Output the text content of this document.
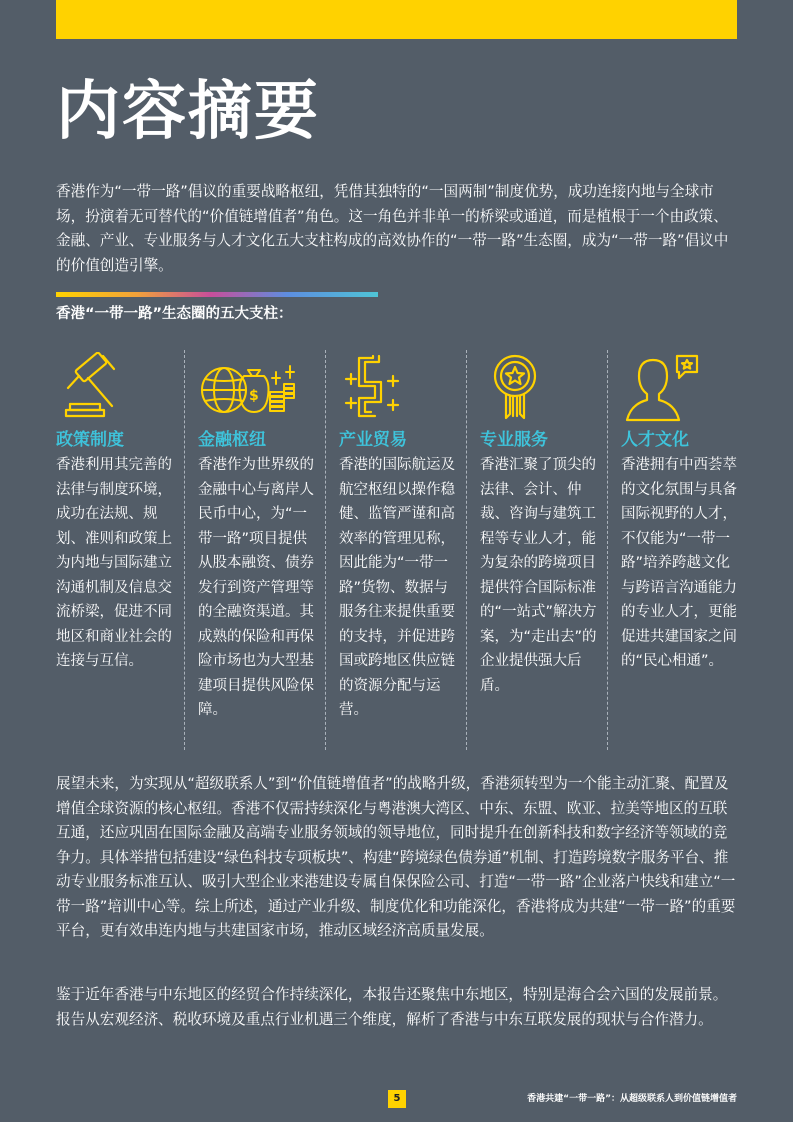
内容摘要

香港作为“一带一路”倡议的重要战略枢纽，凭借其独特的“一国两制”制度优势，成功连接内地与全球市场，扮演着无可替代的“价值链增值者”角色。这一角色并非单一的桥梁或通道，而是植根于一个由政策、金融、产业、专业服务与人才文化五大支柱构成的高效协作的“一带一路”生态圈，成为“一带一路”倡议中的价值创造引擎。

香港“一带一路”生态圈的五大支柱：
政策制度

香港利用其完善的法律与制度环境，成功在法规、规划、准则和政策上为内地与国际建立沟通机制及信息交流桥梁，促进不同地区和商业社会的连接与互信。

$
金融枢纽

香港作为世界级的金融中心与离岸人民币中心，为“一带一路”项目提供从股本融资、债券发行到资产管理等的全融资渠道。其成熟的保险和再保险市场也为大型基建项目提供风险保障。

产业贸易

香港的国际航运及航空枢纽以操作稳健、监管严谨和高效率的管理见称，因此能为“一带一路”货物、数据与服务往来提供重要的支持，并促进跨国或跨地区供应链的资源分配与运营。

专业服务

香港汇聚了顶尖的法律、会计、仲裁、咨询与建筑工程等专业人才，能为复杂的跨境项目提供符合国际标准的“一站式”解决方案，为“走出去”的企业提供强大后盾。

人才文化

香港拥有中西荟萃的文化氛围与具备国际视野的人才，不仅能为“一带一路”培养跨越文化与跨语言沟通能力的专业人才，更能促进共建国家之间的“民心相通”。

展望未来，为实现从“超级联系人”到“价值链增值者”的战略升级，香港须转型为一个能主动汇聚、配置及增值全球资源的核心枢纽。香港不仅需持续深化与粤港澳大湾区、中东、东盟、欧亚、拉美等地区的互联互通，还应巩固在国际金融及高端专业服务领域的领导地位，同时提升在创新科技和数字经济等领域的竞争力。具体举措包括建设“绿色科技专项板块”、构建“跨境绿色债券通”机制、打造跨境数字服务平台、推动专业服务标准互认、吸引大型企业来港建设专属自保保险公司、打造“一带一路”企业落户快线和建立“一带一路”培训中心等。综上所述，通过产业升级、制度优化和功能深化，香港将成为共建“一带一路”的重要平台，更有效串连内地与共建国家市场，推动区域经济高质量发展。

鉴于近年香港与中东地区的经贸合作持续深化，本报告还聚焦中东地区，特别是海合会六国的发展前景。报告从宏观经济、税收环境及重点行业机遇三个维度，解析了香港与中东互联发展的现状与合作潜力。

5	香港共建“一带一路”：从超级联系人到价值链增值者
